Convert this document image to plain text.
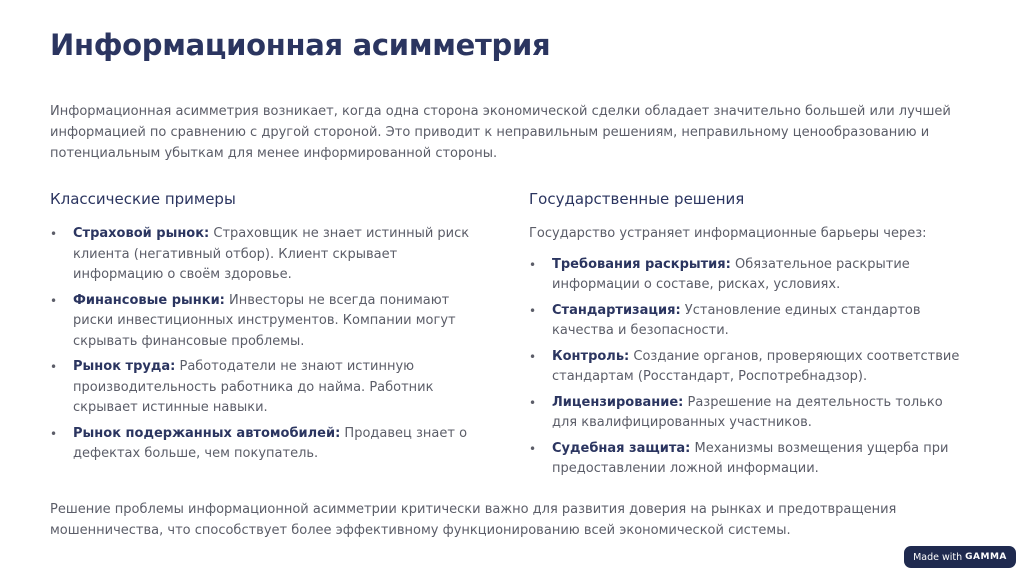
Информационная асимметрия

Информационная асимметрия возникает, когда одна сторона экономической сделки обладает значительно большей или лучшей информацией по сравнению с другой стороной. Это приводит к неправильным решениям, неправильному ценообразованию и потенциальным убыткам для менее информированной стороны.

Классические примеры
• Страховой рынок: Страховщик не знает истинный риск клиента (негативный отбор). Клиент скрывает информацию о своём здоровье.
• Финансовые рынки: Инвесторы не всегда понимают риски инвестиционных инструментов. Компании могут скрывать финансовые проблемы.
• Рынок труда: Работодатели не знают истинную производительность работника до найма. Работник скрывает истинные навыки.
• Рынок подержанных автомобилей: Продавец знает о дефектах больше, чем покупатель.
Государственные решения

Государство устраняет информационные барьеры через:

• Требования раскрытия: Обязательное раскрытие информации о составе, рисках, условиях.
• Стандартизация: Установление единых стандартов качества и безопасности.
• Контроль: Создание органов, проверяющих соответствие стандартам (Росстандарт, Роспотребнадзор).
• Лицензирование: Разрешение на деятельность только для квалифицированных участников.
• Судебная защита: Механизмы возмещения ущерба при предоставлении ложной информации.

Решение проблемы информационной асимметрии критически важно для развития доверия на рынках и предотвращения мошенничества, что способствует более эффективному функционированию всей экономической системы.

Made with GAMMA
